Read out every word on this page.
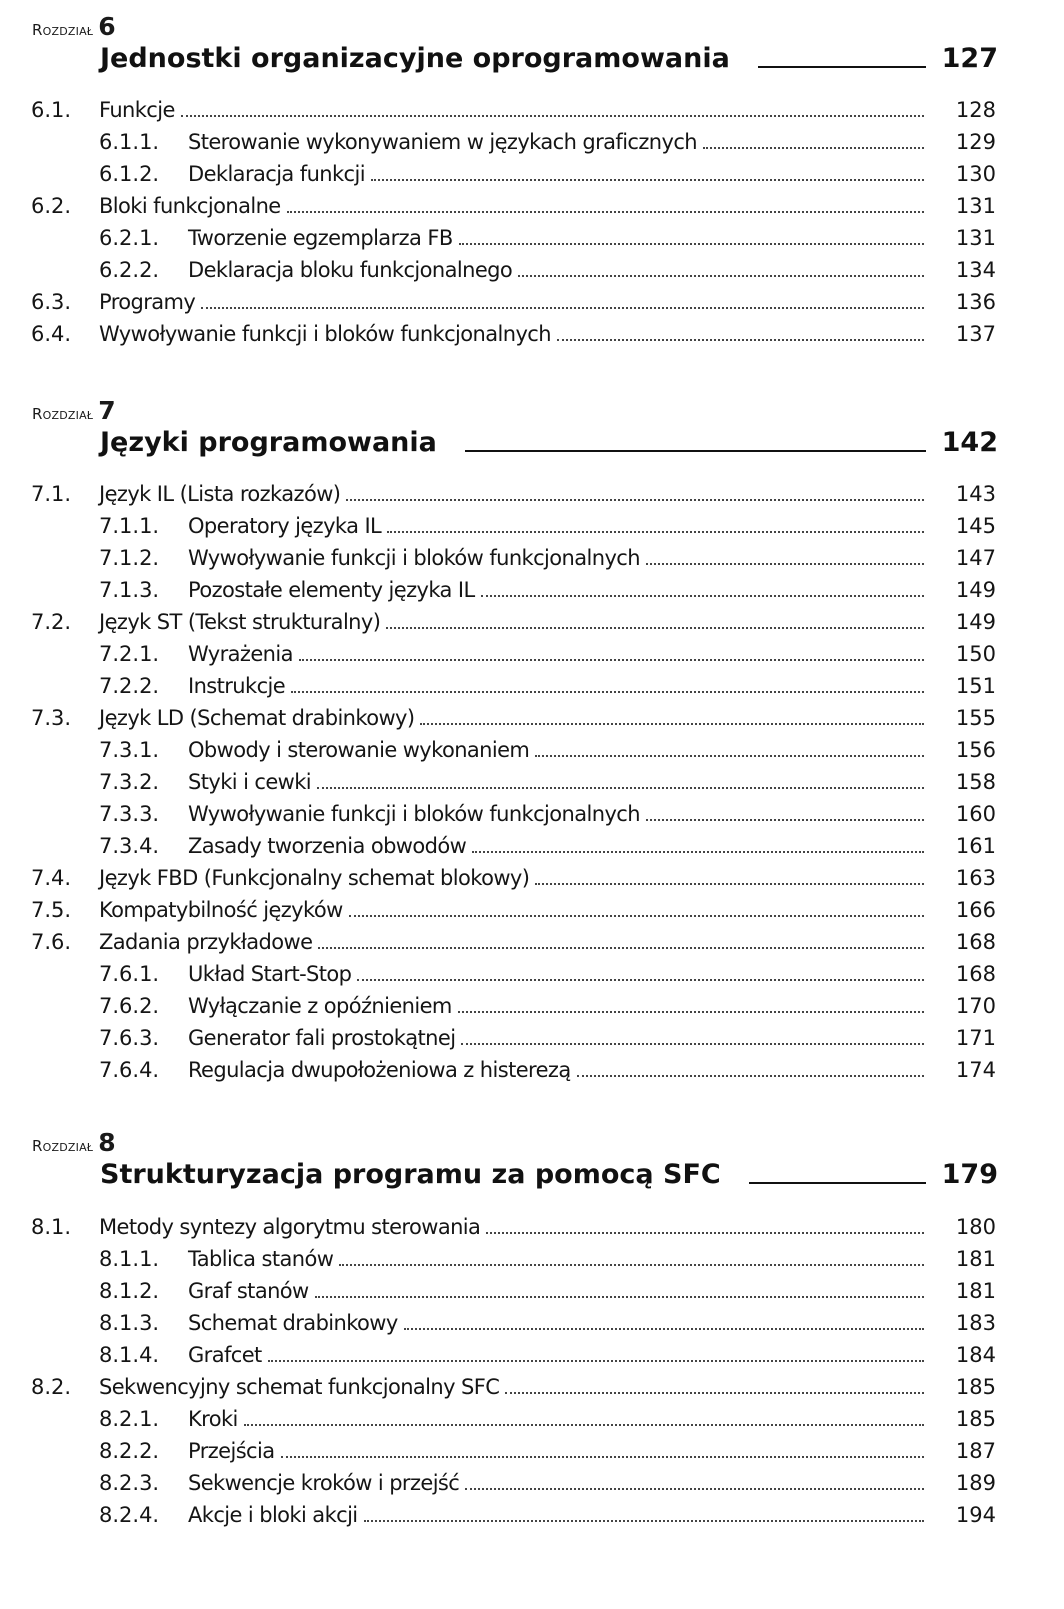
Rozdział 6
Jednostki organizacyjne oprogramowania	127
6.1. Funkcje	128
6.1.1. Sterowanie wykonywaniem w językach graficznych	129
6.1.2. Deklaracja funkcji	130
6.2. Bloki funkcjonalne	131
6.2.1. Tworzenie egzemplarza FB	131
6.2.2. Deklaracja bloku funkcjonalnego	134
6.3. Programy	136
6.4. Wywoływanie funkcji i bloków funkcjonalnych	137
Rozdział 7
Języki programowania	142
7.1. Język IL (Lista rozkazów)	143
7.1.1. Operatory języka IL	145
7.1.2. Wywoływanie funkcji i bloków funkcjonalnych	147
7.1.3. Pozostałe elementy języka IL	149
7.2. Język ST (Tekst strukturalny)	149
7.2.1. Wyrażenia	150
7.2.2. Instrukcje	151
7.3. Język LD (Schemat drabinkowy)	155
7.3.1. Obwody i sterowanie wykonaniem	156
7.3.2. Styki i cewki	158
7.3.3. Wywoływanie funkcji i bloków funkcjonalnych	160
7.3.4. Zasady tworzenia obwodów	161
7.4. Język FBD (Funkcjonalny schemat blokowy)	163
7.5. Kompatybilność języków	166
7.6. Zadania przykładowe	168
7.6.1. Układ Start-Stop	168
7.6.2. Wyłączanie z opóźnieniem	170
7.6.3. Generator fali prostokątnej	171
7.6.4. Regulacja dwupołożeniowa z histerezą	174
Rozdział 8
Strukturyzacja programu za pomocą SFC	179
8.1. Metody syntezy algorytmu sterowania	180
8.1.1. Tablica stanów	181
8.1.2. Graf stanów	181
8.1.3. Schemat drabinkowy	183
8.1.4. Grafcet	184
8.2. Sekwencyjny schemat funkcjonalny SFC	185
8.2.1. Kroki	185
8.2.2. Przejścia	187
8.2.3. Sekwencje kroków i przejść	189
8.2.4. Akcje i bloki akcji	194
